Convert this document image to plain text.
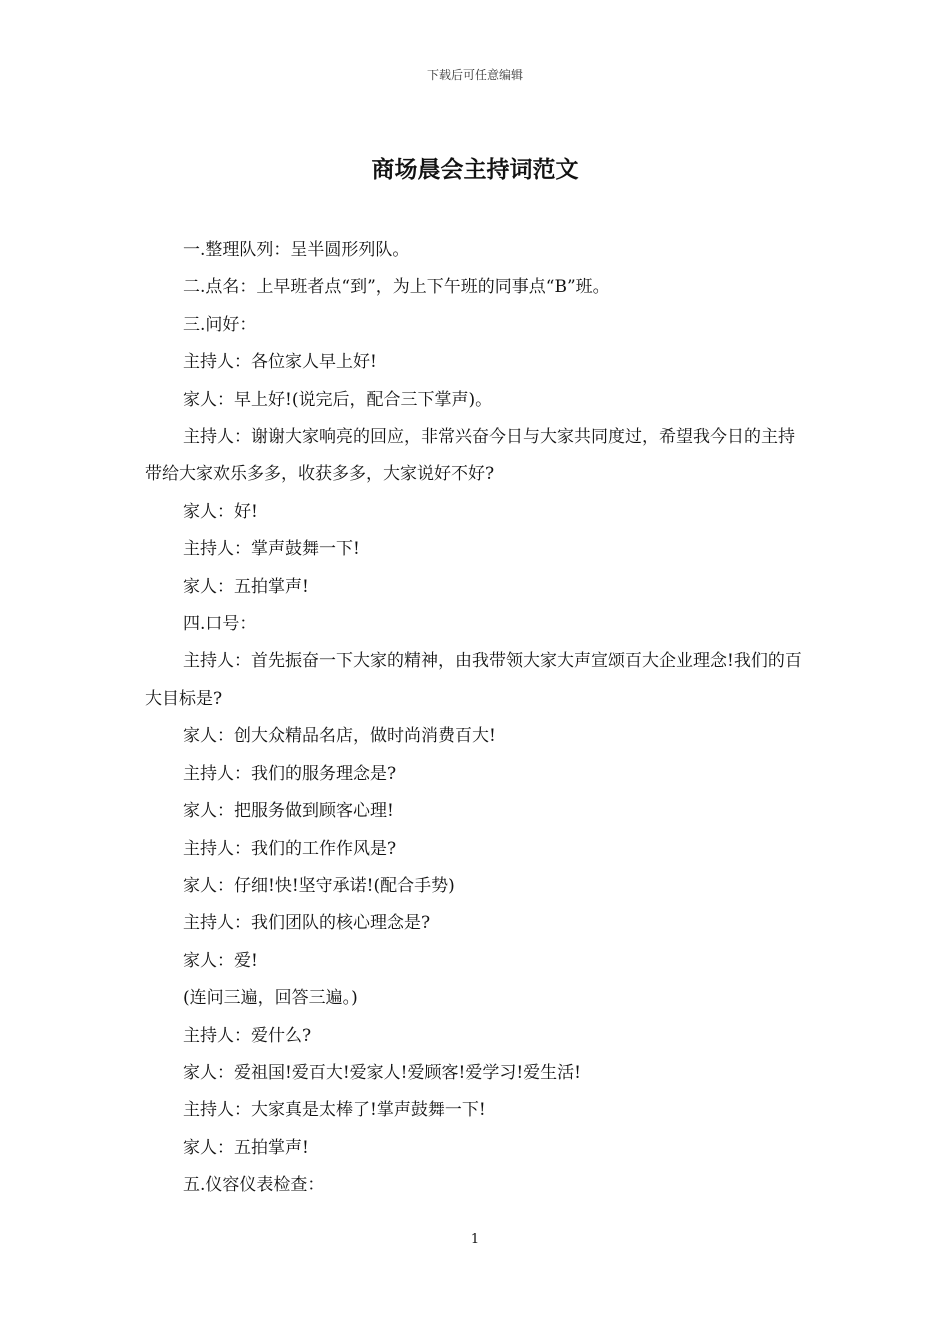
下载后可任意编辑
商场晨会主持词范文

一.整理队列：呈半圆形列队。

二.点名：上早班者点“到”，为上下午班的同事点“B”班。

三.问好：

主持人：各位家人早上好!

家人：早上好!(说完后，配合三下掌声)。

主持人：谢谢大家响亮的回应，非常兴奋今日与大家共同度过，希望我今日的主持带给大家欢乐多多，收获多多，大家说好不好?

家人：好!

主持人：掌声鼓舞一下!

家人：五拍掌声!

四.口号：

主持人：首先振奋一下大家的精神，由我带领大家大声宣颂百大企业理念!我们的百大目标是?

家人：创大众精品名店，做时尚消费百大!

主持人：我们的服务理念是?

家人：把服务做到顾客心理!

主持人：我们的工作作风是?

家人：仔细!快!坚守承诺!(配合手势)

主持人：我们团队的核心理念是?

家人：爱!

(连问三遍，回答三遍。)

主持人：爱什么?

家人：爱祖国!爱百大!爱家人!爱顾客!爱学习!爱生活!

主持人：大家真是太棒了!掌声鼓舞一下!

家人：五拍掌声!

五.仪容仪表检查：

1
